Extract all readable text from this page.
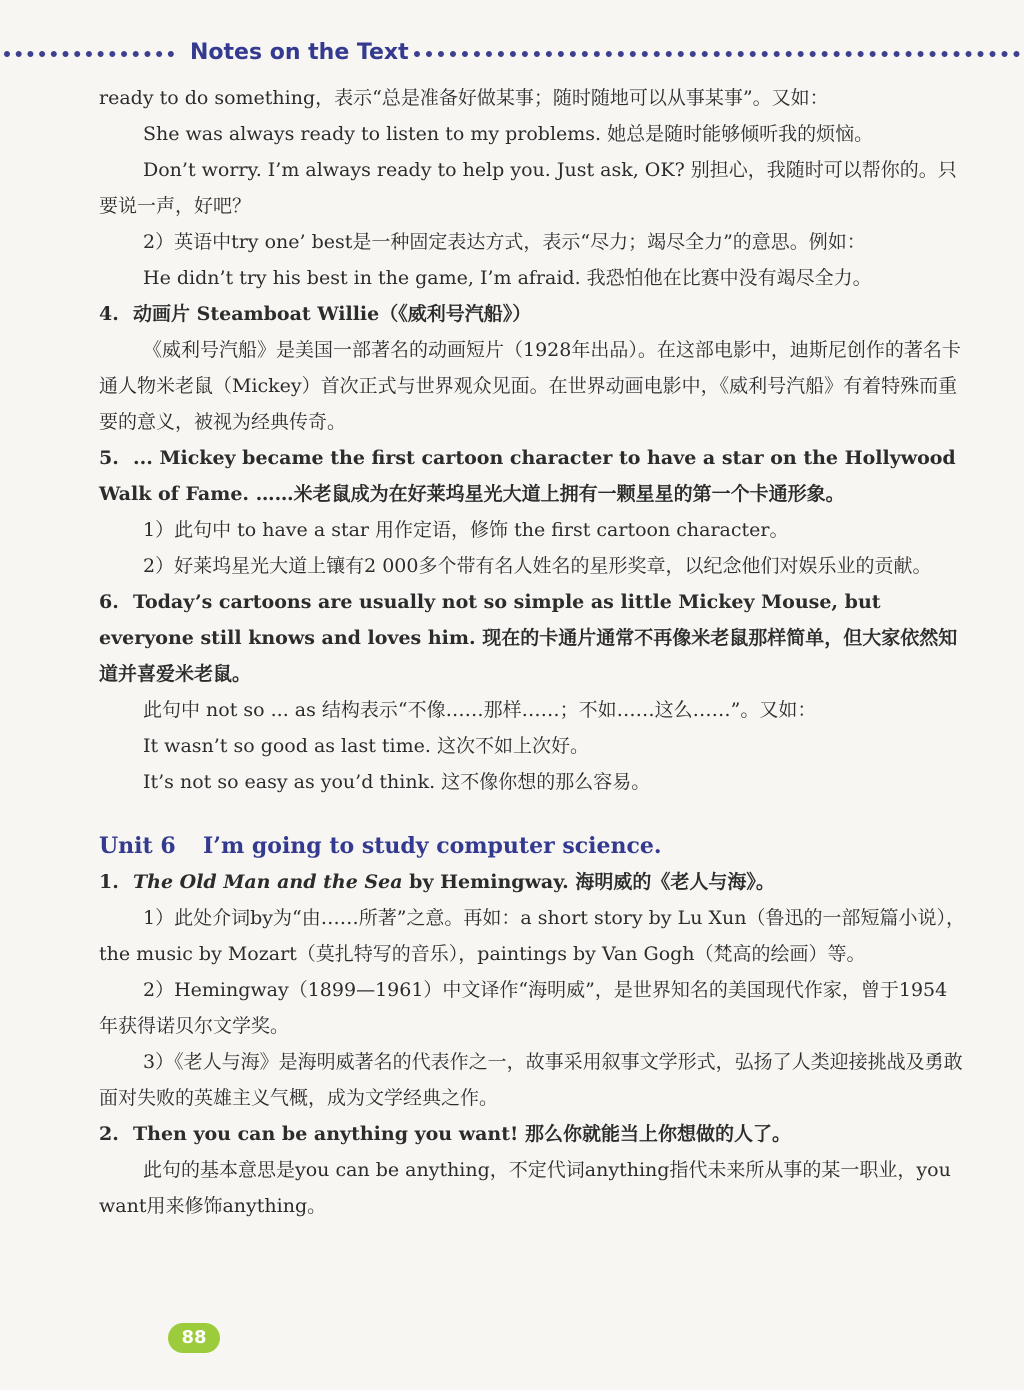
Notes on the Text

ready to do something，表示“总是准备好做某事；随时随地可以从事某事”。又如：

She was always ready to listen to my problems. 她总是随时能够倾听我的烦恼。

Don’t worry. I’m always ready to help you. Just ask, OK? 别担心，我随时可以帮你的。只要说一声，好吧？

2）英语中try one’ best是一种固定表达方式，表示“尽力；竭尽全力”的意思。例如：

He didn’t try his best in the game, I’m afraid. 我恐怕他在比赛中没有竭尽全力。

4. 动画片 Steamboat Willie（《威利号汽船》）

《威利号汽船》是美国一部著名的动画短片（1928年出品）。在这部电影中，迪斯尼创作的著名卡通人物米老鼠（Mickey）首次正式与世界观众见面。在世界动画电影中，《威利号汽船》有着特殊而重要的意义，被视为经典传奇。

5. ... Mickey became the first cartoon character to have a star on the Hollywood Walk of Fame. ……米老鼠成为在好莱坞星光大道上拥有一颗星星的第一个卡通形象。

1）此句中 to have a star 用作定语，修饰 the first cartoon character。

2）好莱坞星光大道上镶有2 000多个带有名人姓名的星形奖章，以纪念他们对娱乐业的贡献。

6. Today’s cartoons are usually not so simple as little Mickey Mouse, but everyone still knows and loves him. 现在的卡通片通常不再像米老鼠那样简单，但大家依然知道并喜爱米老鼠。

此句中 not so ... as 结构表示“不像……那样……；不如……这么……”。又如：

It wasn’t so good as last time. 这次不如上次好。

It’s not so easy as you’d think. 这不像你想的那么容易。

Unit 6 I’m going to study computer science.

1. The Old Man and the Sea by Hemingway. 海明威的《老人与海》。

1）此处介词by为“由……所著”之意。再如：a short story by Lu Xun（鲁迅的一部短篇小说），the music by Mozart（莫扎特写的音乐），paintings by Van Gogh（梵高的绘画）等。

2）Hemingway（1899—1961）中文译作“海明威”，是世界知名的美国现代作家，曾于1954年获得诺贝尔文学奖。

3）《老人与海》是海明威著名的代表作之一，故事采用叙事文学形式，弘扬了人类迎接挑战及勇敢面对失败的英雄主义气概，成为文学经典之作。

2. Then you can be anything you want! 那么你就能当上你想做的人了。

此句的基本意思是you can be anything，不定代词anything指代未来所从事的某一职业，you want用来修饰anything。

88
